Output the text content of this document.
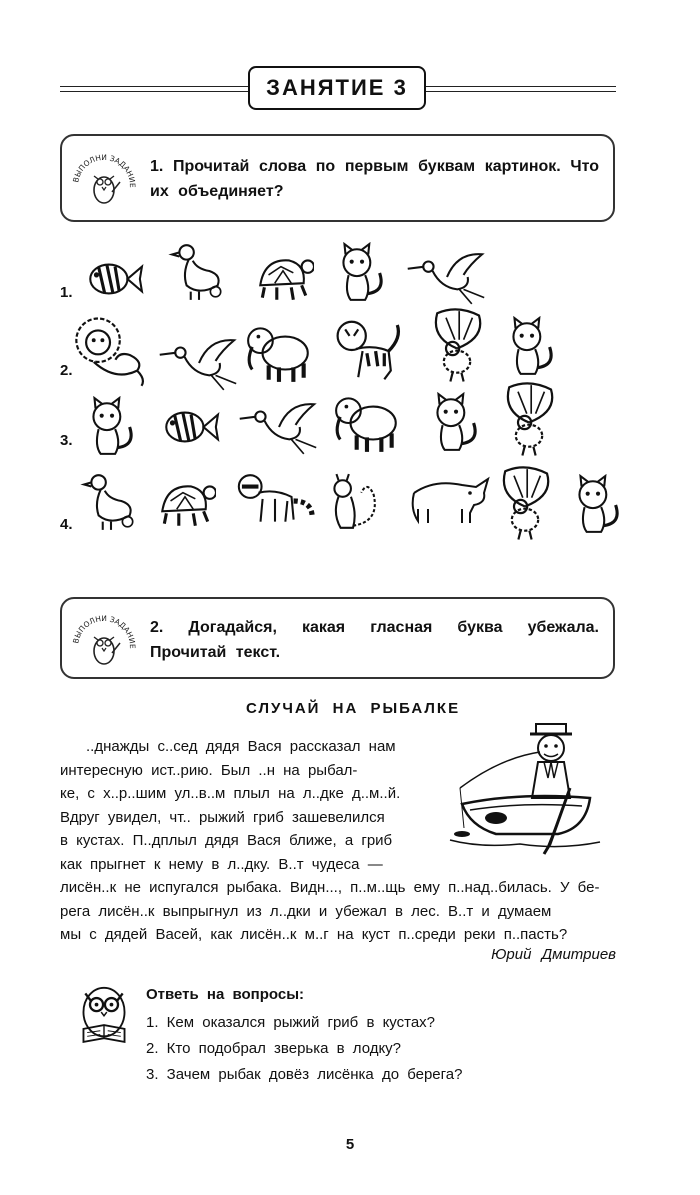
ЗАНЯТИЕ 3
ВЫПОЛНИ ЗАДАНИЕ
1. Прочитай слова по первым буквам картинок. Что их объединяет?
1.
2.
3.
4.
ВЫПОЛНИ ЗАДАНИЕ
2. Догадайся, какая гласная буква убежала. Прочитай текст.
СЛУЧАЙ НА РЫБАЛКЕ
..днажды с..сед дядя Вася рассказал нам
интересную ист..рию. Был ..н на рыбал-
ке, с х..р..шим ул..в..м плыл на л..дке д..м..й.
Вдруг увидел, чт.. рыжий гриб зашевелился
в кустах. П..дплыл дядя Вася ближе, а гриб
как прыгнет к нему в л..дку. В..т чудеса —
лисён..к не испугался рыбака. Видн..., п..м..щь ему п..над..билась. У бе-
рега лисён..к выпрыгнул из л..дки и убежал в лес. В..т и думаем
мы с дядей Васей, как лисён..к м..г на куст п..среди реки п..пасть?
Юрий Дмитриев
Ответь на вопросы:
1. Кем оказался рыжий гриб в кустах?
2. Кто подобрал зверька в лодку?
3. Зачем рыбак довёз лисёнка до берега?
5
